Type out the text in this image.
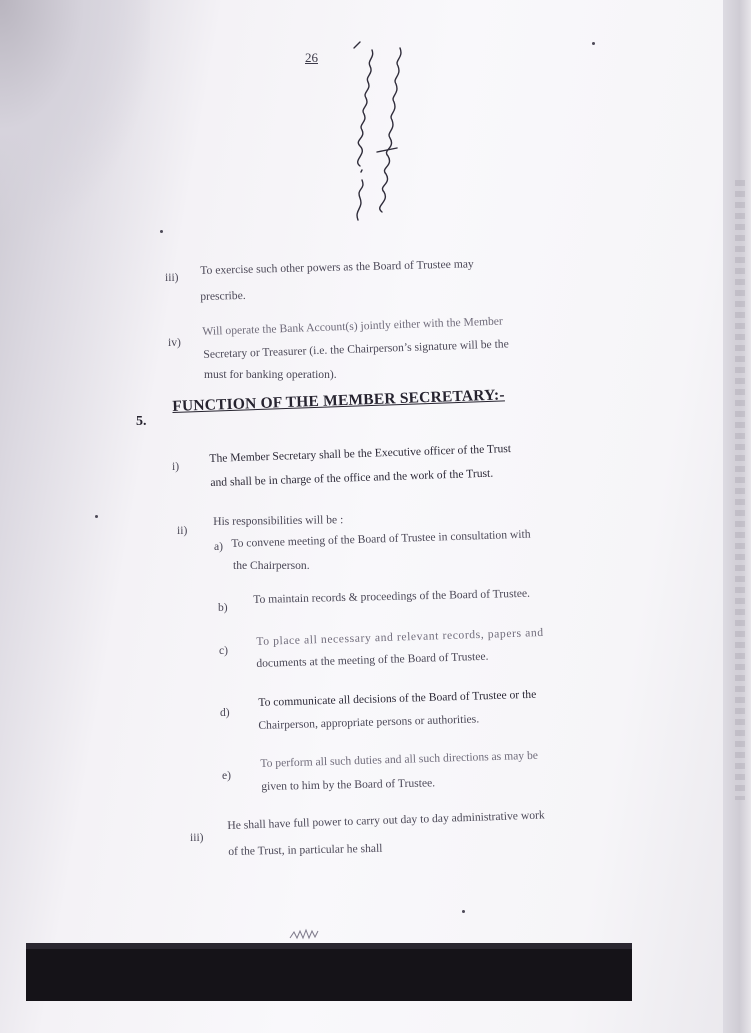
26
iii)
To exercise such other powers as the Board of Trustee may
prescribe.
iv)
Will operate the Bank Account(s) jointly either with the Member
Secretary or Treasurer (i.e. the Chairperson’s signature will be the
must for banking operation).
5.
FUNCTION OF THE MEMBER SECRETARY:-
i)
The Member Secretary shall be the Executive officer of the Trust
and shall be in charge of the office and the work of the Trust.
ii)
His responsibilities will be :
a) To convene meeting of the Board of Trustee in consultation with
the Chairperson.
b)
To maintain records & proceedings of the Board of Trustee.
c)
To place all necessary and relevant records, papers and
documents at the meeting of the Board of Trustee.
d)
To communicate all decisions of the Board of Trustee or the
Chairperson, appropriate persons or authorities.
e)
To perform all such duties and all such directions as may be
given to him by the Board of Trustee.
iii)
He shall have full power to carry out day to day administrative work
of the Trust, in particular he shall
